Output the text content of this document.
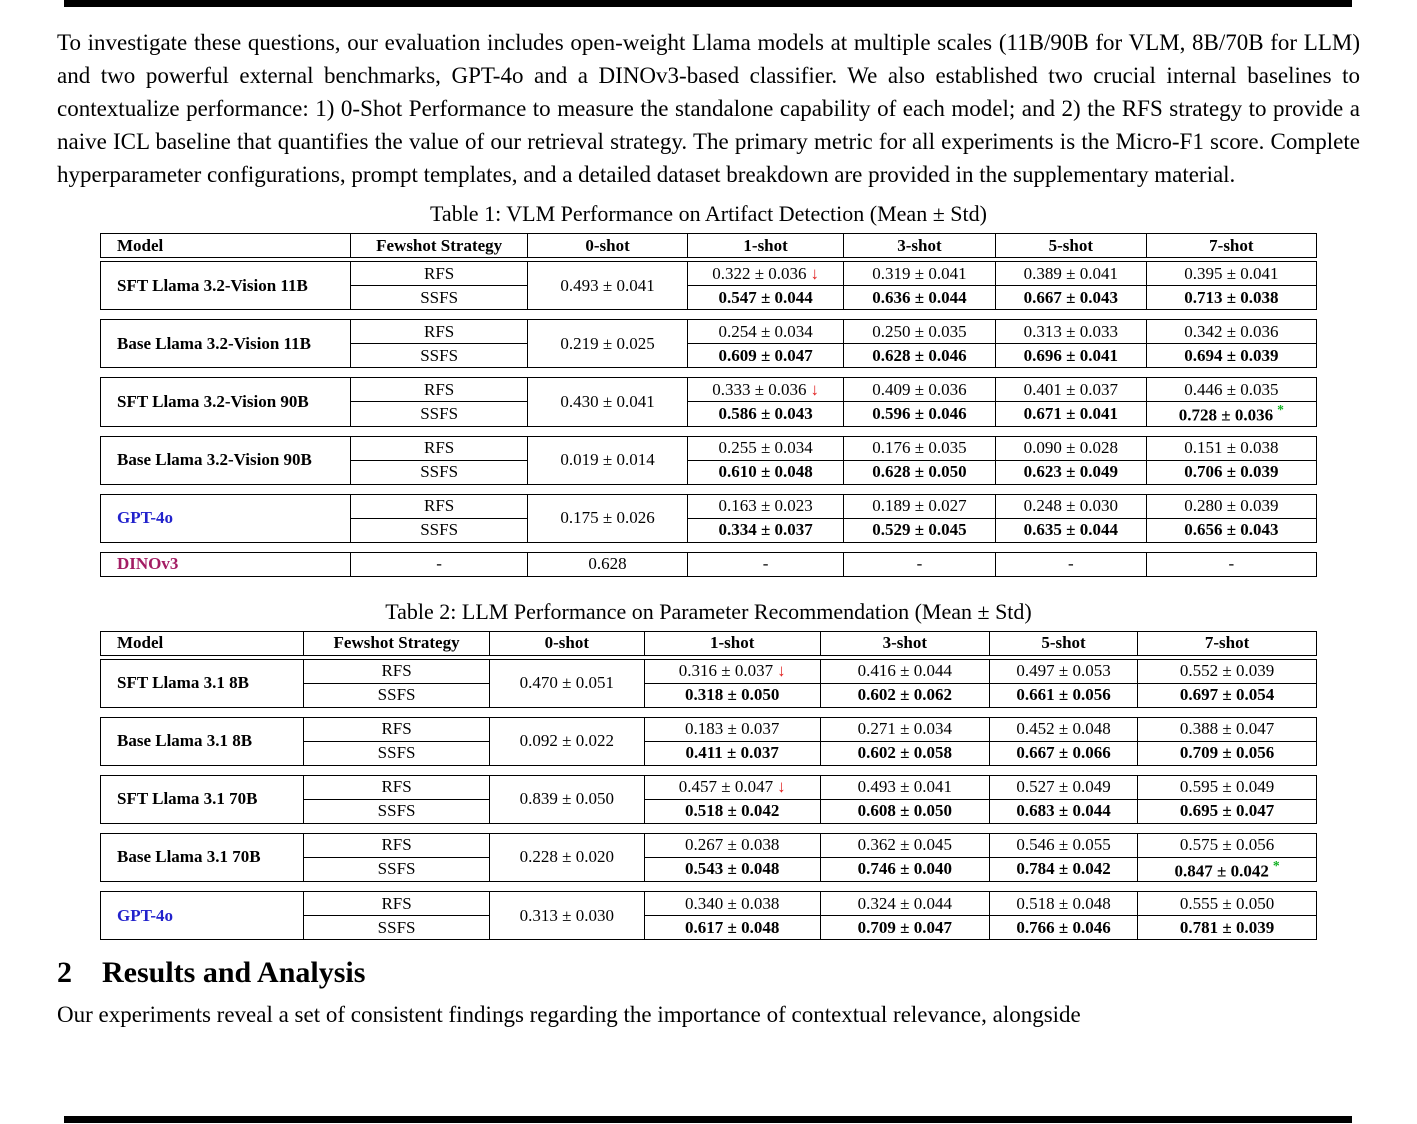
To investigate these questions, our evaluation includes open-weight Llama models at multiple scales (11B/90B for VLM, 8B/70B for LLM) and two powerful external benchmarks, GPT-4o and a DINOv3-based classifier. We also established two crucial internal baselines to contextualize performance: 1) 0-Shot Performance to measure the standalone capability of each model; and 2) the RFS strategy to provide a naive ICL baseline that quantifies the value of our retrieval strategy. The primary metric for all experiments is the Micro-F1 score. Complete hyperparameter configurations, prompt templates, and a detailed dataset breakdown are provided in the supplementary material.

Table 1: VLM Performance on Artifact Detection (Mean ± Std)
Model	Fewshot Strategy	0-shot	1-shot	3-shot	5-shot	7-shot
SFT Llama 3.2-Vision 11B	RFS	0.493 ± 0.041	0.322 ± 0.036 ↓	0.319 ± 0.041	0.389 ± 0.041	0.395 ± 0.041
	SSFS		0.547 ± 0.044	0.636 ± 0.044	0.667 ± 0.043	0.713 ± 0.038
Base Llama 3.2-Vision 11B	RFS	0.219 ± 0.025	0.254 ± 0.034	0.250 ± 0.035	0.313 ± 0.033	0.342 ± 0.036
	SSFS		0.609 ± 0.047	0.628 ± 0.046	0.696 ± 0.041	0.694 ± 0.039
SFT Llama 3.2-Vision 90B	RFS	0.430 ± 0.041	0.333 ± 0.036 ↓	0.409 ± 0.036	0.401 ± 0.037	0.446 ± 0.035
	SSFS		0.586 ± 0.043	0.596 ± 0.046	0.671 ± 0.041	0.728 ± 0.036 *
Base Llama 3.2-Vision 90B	RFS	0.019 ± 0.014	0.255 ± 0.034	0.176 ± 0.035	0.090 ± 0.028	0.151 ± 0.038
	SSFS		0.610 ± 0.048	0.628 ± 0.050	0.623 ± 0.049	0.706 ± 0.039
GPT-4o	RFS	0.175 ± 0.026	0.163 ± 0.023	0.189 ± 0.027	0.248 ± 0.030	0.280 ± 0.039
	SSFS		0.334 ± 0.037	0.529 ± 0.045	0.635 ± 0.044	0.656 ± 0.043
DINOv3	-	0.628	-	-	-	-
Table 2: LLM Performance on Parameter Recommendation (Mean ± Std)
Model	Fewshot Strategy	0-shot	1-shot	3-shot	5-shot	7-shot
SFT Llama 3.1 8B	RFS	0.470 ± 0.051	0.316 ± 0.037 ↓	0.416 ± 0.044	0.497 ± 0.053	0.552 ± 0.039
	SSFS		0.318 ± 0.050	0.602 ± 0.062	0.661 ± 0.056	0.697 ± 0.054
Base Llama 3.1 8B	RFS	0.092 ± 0.022	0.183 ± 0.037	0.271 ± 0.034	0.452 ± 0.048	0.388 ± 0.047
	SSFS		0.411 ± 0.037	0.602 ± 0.058	0.667 ± 0.066	0.709 ± 0.056
SFT Llama 3.1 70B	RFS	0.839 ± 0.050	0.457 ± 0.047 ↓	0.493 ± 0.041	0.527 ± 0.049	0.595 ± 0.049
	SSFS		0.518 ± 0.042	0.608 ± 0.050	0.683 ± 0.044	0.695 ± 0.047
Base Llama 3.1 70B	RFS	0.228 ± 0.020	0.267 ± 0.038	0.362 ± 0.045	0.546 ± 0.055	0.575 ± 0.056
	SSFS		0.543 ± 0.048	0.746 ± 0.040	0.784 ± 0.042	0.847 ± 0.042 *
GPT-4o	RFS	0.313 ± 0.030	0.340 ± 0.038	0.324 ± 0.044	0.518 ± 0.048	0.555 ± 0.050
	SSFS		0.617 ± 0.048	0.709 ± 0.047	0.766 ± 0.046	0.781 ± 0.039
2 Results and Analysis

Our experiments reveal a set of consistent findings regarding the importance of contextual relevance, alongside
